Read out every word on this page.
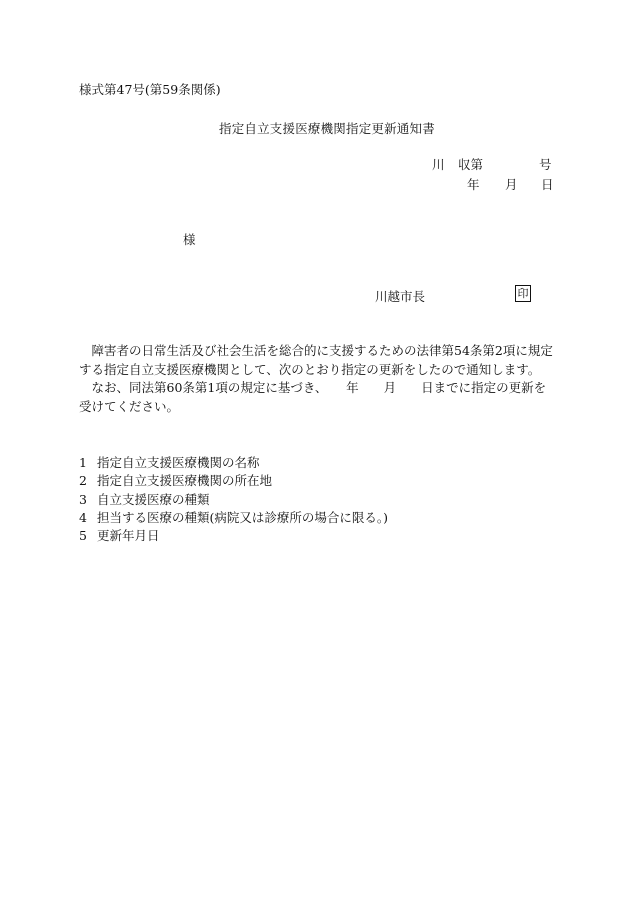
様式第47号(第59条関係)
指定自立支援医療機関指定更新通知書
川 収第	号
年 月 日
様
川越市長	印

障害者の日常生活及び社会生活を総合的に支援するための法律第54条第2項に規定する指定自立支援医療機関として、次のとおり指定の更新をしたので通知します。

なお、同法第60条第1項の規定に基づき、　　年　　月　　日までに指定の更新を受けてください。

1 指定自立支援医療機関の名称
2 指定自立支援医療機関の所在地
3 自立支援医療の種類
4 担当する医療の種類(病院又は診療所の場合に限る。)
5 更新年月日
